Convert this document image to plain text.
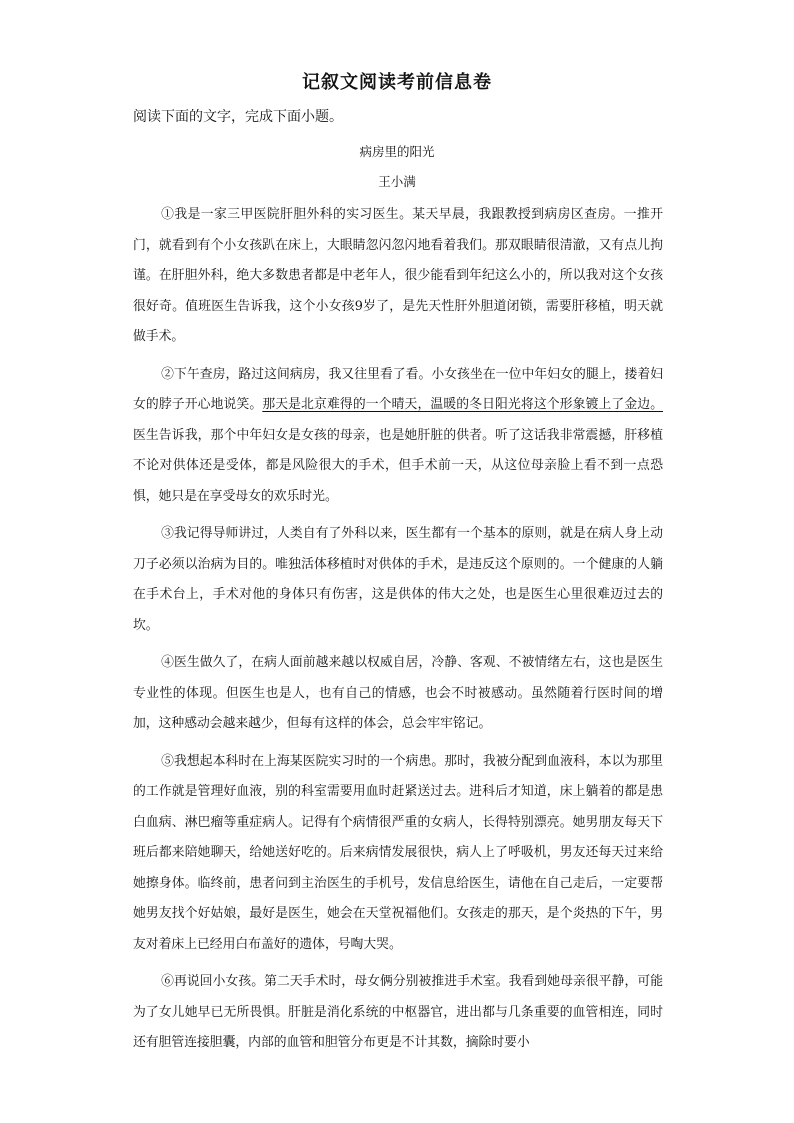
记叙文阅读考前信息卷
阅读下面的文字，完成下面小题。
病房里的阳光
王小满

①我是一家三甲医院肝胆外科的实习医生。某天早晨，我跟教授到病房区查房。一推开门，就看到有个小女孩趴在床上，大眼睛忽闪忽闪地看着我们。那双眼睛很清澈，又有点儿拘谨。在肝胆外科，绝大多数患者都是中老年人，很少能看到年纪这么小的，所以我对这个女孩很好奇。值班医生告诉我，这个小女孩9岁了，是先天性肝外胆道闭锁，需要肝移植，明天就做手术。

②下午查房，路过这间病房，我又往里看了看。小女孩坐在一位中年妇女的腿上，搂着妇女的脖子开心地说笑。那天是北京难得的一个晴天，温暖的冬日阳光将这个形象镀上了金边。医生告诉我，那个中年妇女是女孩的母亲，也是她肝脏的供者。听了这话我非常震撼，肝移植不论对供体还是受体，都是风险很大的手术，但手术前一天，从这位母亲脸上看不到一点恐惧，她只是在享受母女的欢乐时光。

③我记得导师讲过，人类自有了外科以来，医生都有一个基本的原则，就是在病人身上动刀子必须以治病为目的。唯独活体移植时对供体的手术，是违反这个原则的。一个健康的人躺在手术台上，手术对他的身体只有伤害，这是供体的伟大之处，也是医生心里很难迈过去的坎。

④医生做久了，在病人面前越来越以权威自居，冷静、客观、不被情绪左右，这也是医生专业性的体现。但医生也是人，也有自己的情感，也会不时被感动。虽然随着行医时间的增加，这种感动会越来越少，但每有这样的体会，总会牢牢铭记。

⑤我想起本科时在上海某医院实习时的一个病患。那时，我被分配到血液科，本以为那里的工作就是管理好血液，别的科室需要用血时赶紧送过去。进科后才知道，床上躺着的都是患白血病、淋巴瘤等重症病人。记得有个病情很严重的女病人，长得特别漂亮。她男朋友每天下班后都来陪她聊天，给她送好吃的。后来病情发展很快，病人上了呼吸机，男友还每天过来给她擦身体。临终前，患者问到主治医生的手机号，发信息给医生，请他在自己走后，一定要帮她男友找个好姑娘，最好是医生，她会在天堂祝福他们。女孩走的那天，是个炎热的下午，男友对着床上已经用白布盖好的遗体，号啕大哭。

⑥再说回小女孩。第二天手术时，母女俩分别被推进手术室。我看到她母亲很平静，可能为了女儿她早已无所畏惧。肝脏是消化系统的中枢器官，进出都与几条重要的血管相连，同时还有胆管连接胆囊，内部的血管和胆管分布更是不计其数，摘除时要小
